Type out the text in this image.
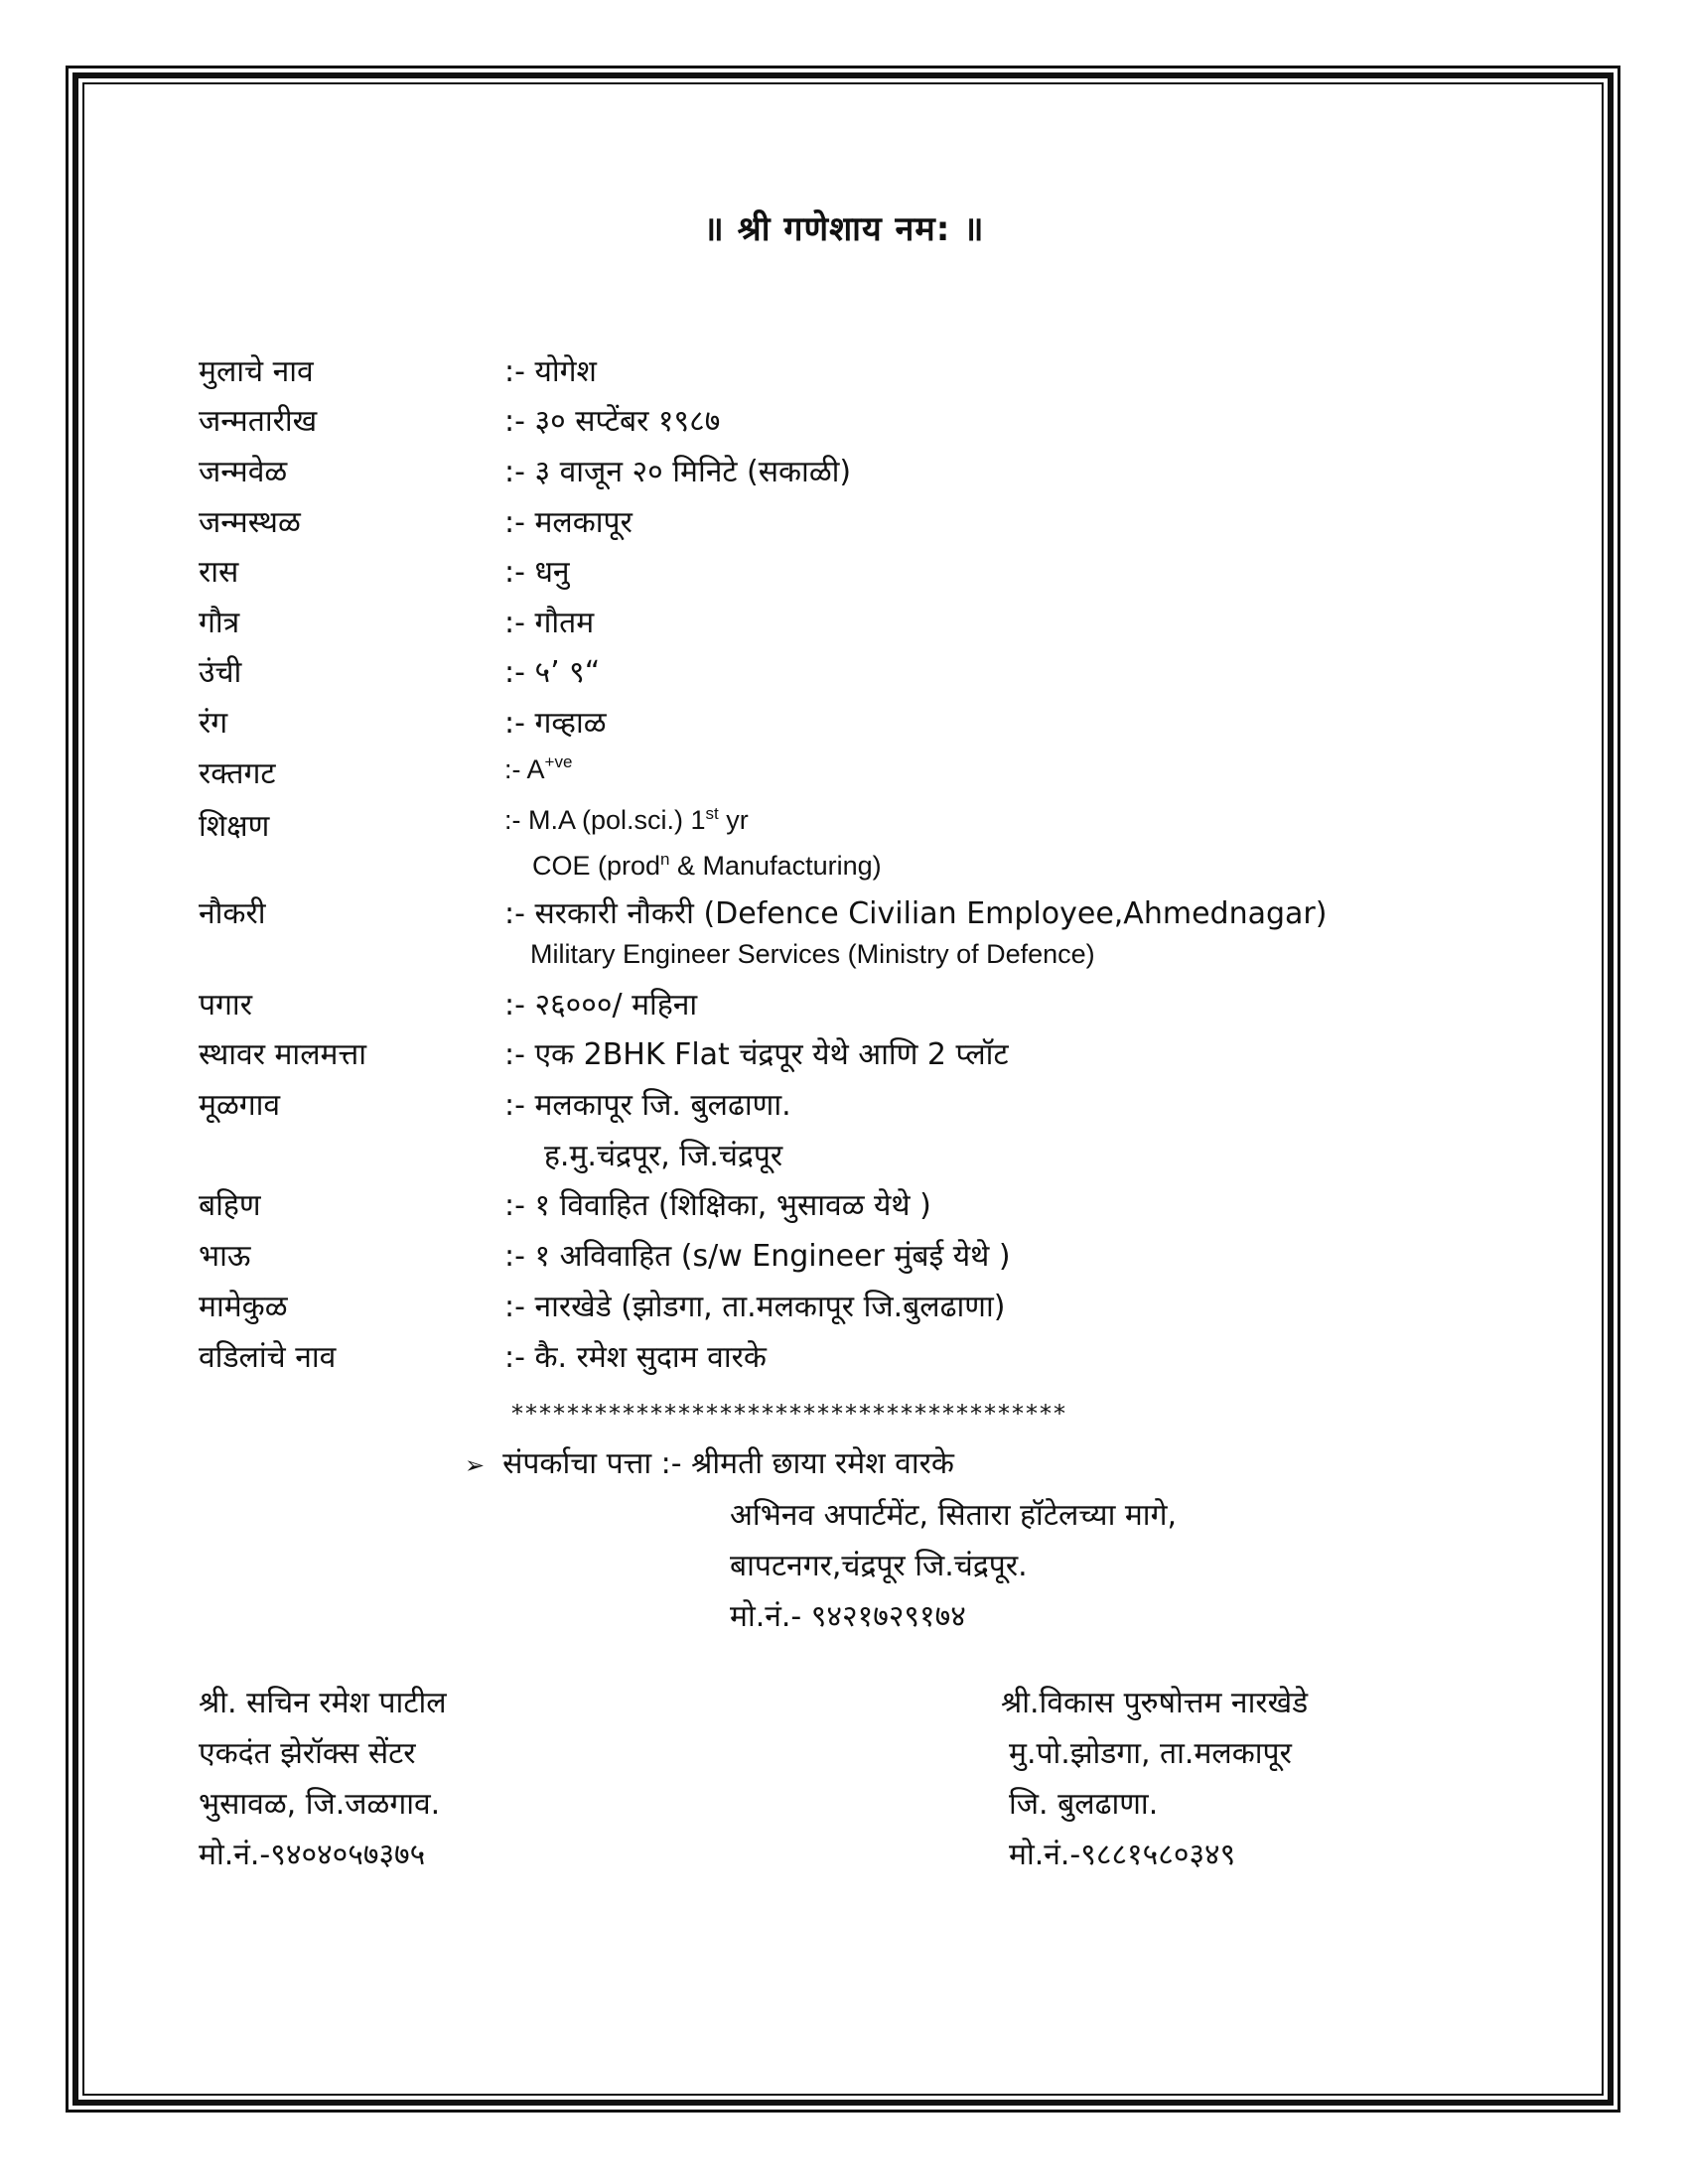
॥ श्री गणेशाय नम: ॥
मुलाचे नाव	:- योगेश
जन्मतारीख	:- ३० सप्टेंबर १९८७
जन्मवेळ	:- ३ वाजून २० मिनिटे (सकाळी)
जन्मस्थळ	:- मलकापूर
रास	:- धनु
गौत्र	:- गौतम
उंची	:- ५’ ९“
रंग	:- गव्हाळ
रक्तगट	:- $A^{+ve}$
शिक्षण	:- M.A (pol.sci.) 1st yr
COE (prod$^n$ & Manufacturing)
नौकरी	:- सरकारी नौकरी (Defence Civilian Employee,Ahmednagar)
Military Engineer Services (Ministry of Defence)
पगार	:- २६०००/ महिना
स्थावर मालमत्ता	:- एक 2BHK Flat चंद्रपूर येथे आणि 2 प्लॉट
मूळगाव	:- मलकापूर जि. बुलढाणा.
ह.मु.चंद्रपूर, जि.चंद्रपूर
बहिण	:- १ विवाहित (शिक्षिका, भुसावळ येथे )
भाऊ	:- १ अविवाहित (s/w Engineer मुंबई येथे )
मामेकुळ	:- नारखेडे (झोडगा, ता.मलकापूर जि.बुलढाणा)
वडिलांचे नाव	:- कै. रमेश सुदाम वारके
****************************************
➢ संपर्काचा पत्ता :- श्रीमती छाया रमेश वारके
अभिनव अपार्टमेंट, सितारा हॉटेलच्या मागे,
बापटनगर,चंद्रपूर जि.चंद्रपूर.
मो.नं.- ९४२१७२९१७४
श्री. सचिन रमेश पाटील
एकदंत झेरॉक्स सेंटर
भुसावळ, जि.जळगाव.
मो.नं.-९४०४०५७३७५
श्री.विकास पुरुषोत्तम नारखेडे
मु.पो.झोडगा, ता.मलकापूर
जि. बुलढाणा.
मो.नं.-९८८१५८०३४९
